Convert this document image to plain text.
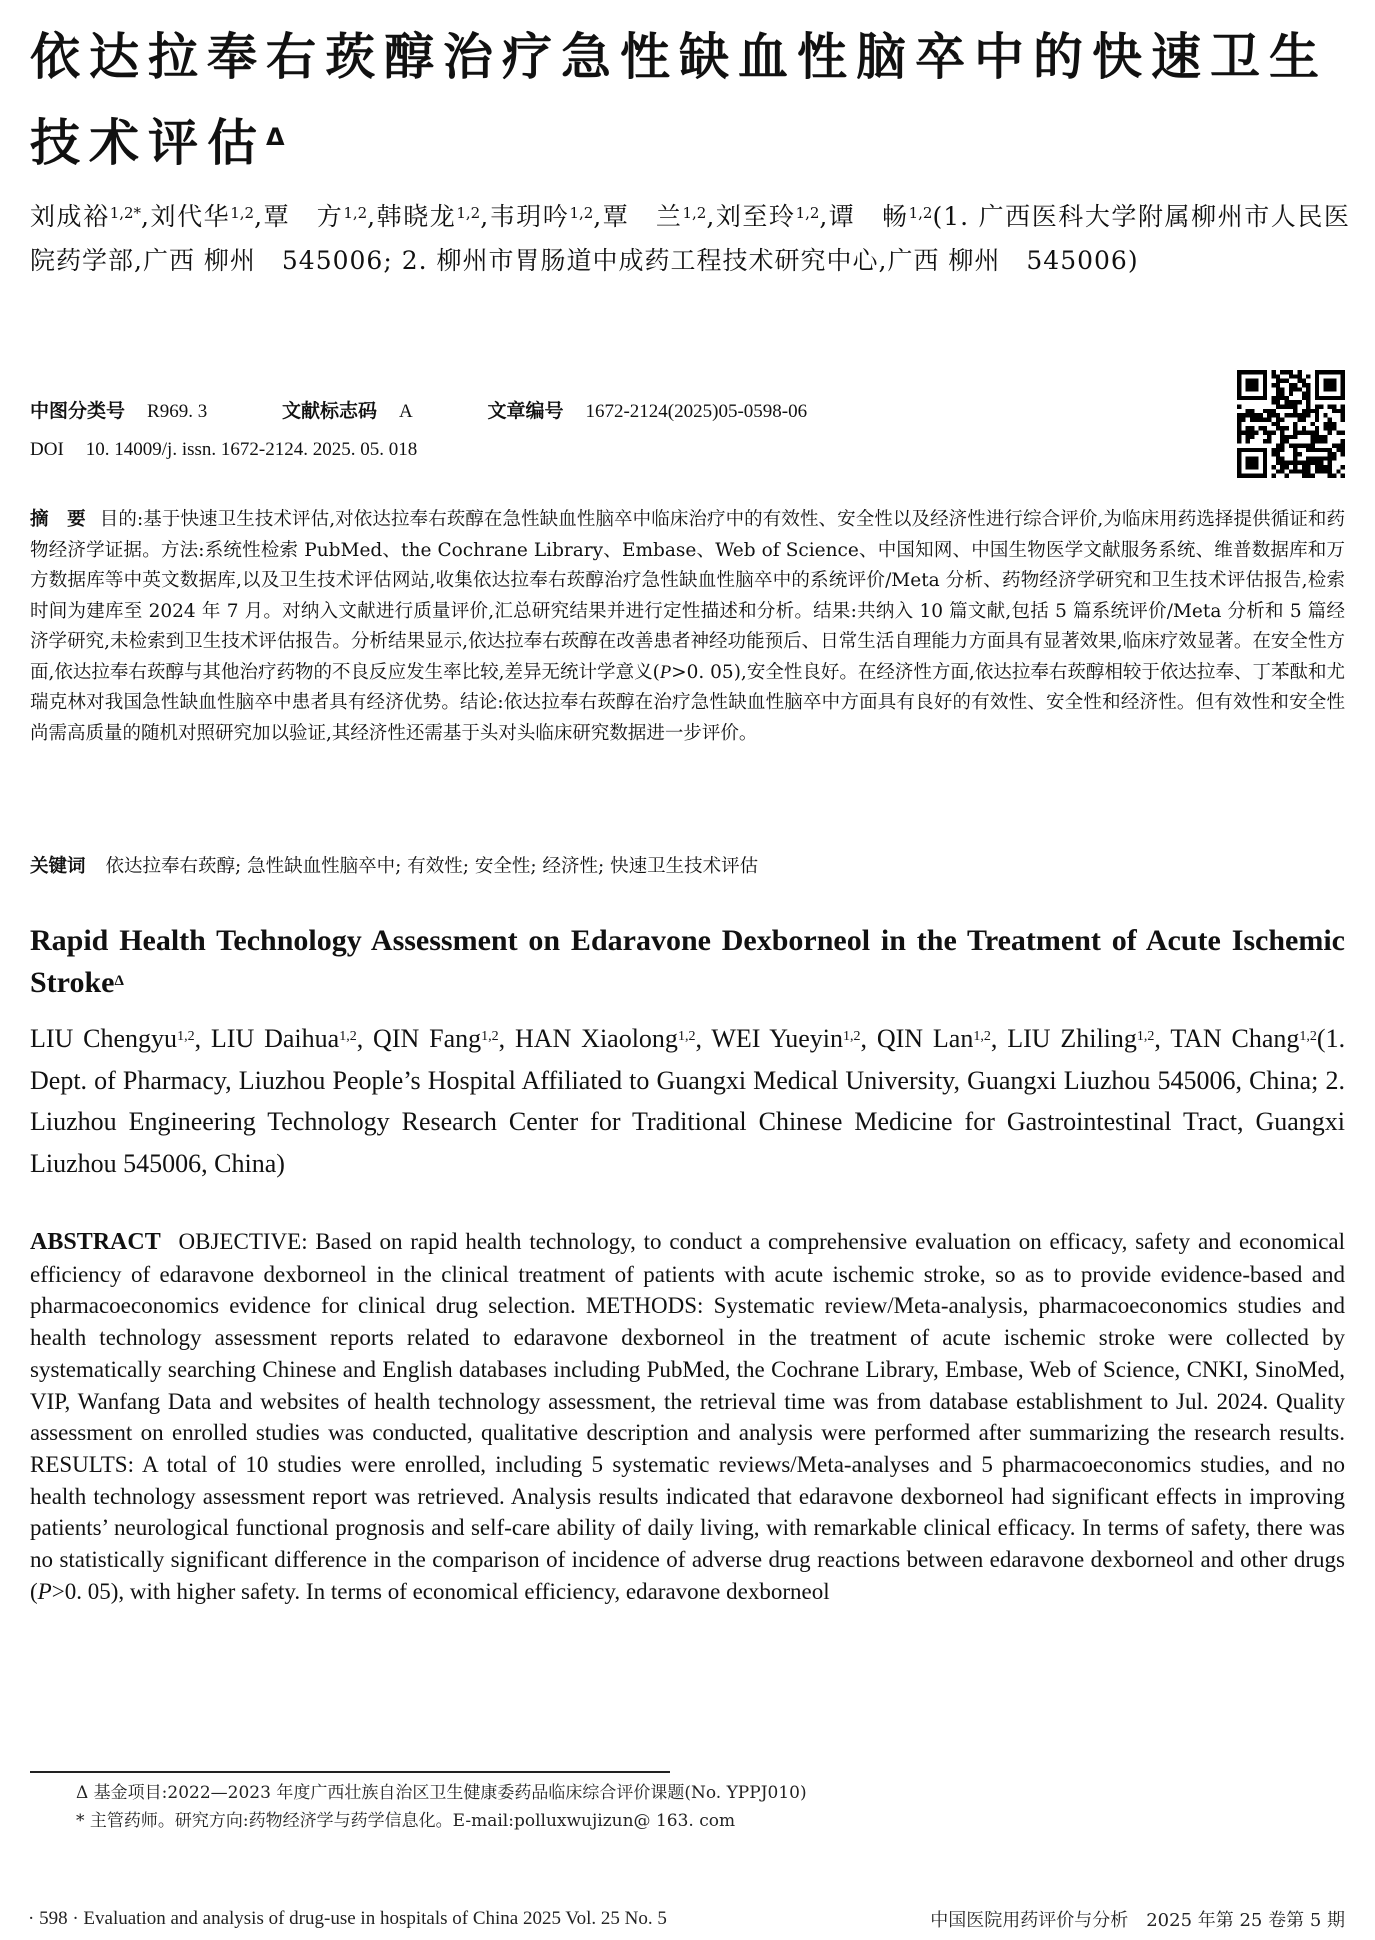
依达拉奉右莰醇治疗急性缺血性脑卒中的快速卫生技术评估$^\Delta$
刘成裕$^{1,2*}$,刘代华$^{1,2}$,覃　方$^{1,2}$,韩晓龙$^{1,2}$,韦玥吟$^{1,2}$,覃　兰$^{1,2}$,刘至玲$^{1,2}$,谭　畅$^{1,2}$(1. 广西医科大学附属柳州市人民医院药学部,广西 柳州　545006; 2. 柳州市胃肠道中成药工程技术研究中心,广西 柳州　545006)
中图分类号 R969. 3	文献标志码 A	文章编号 1672-2124(2025)05-0598-06
DOI 10. 14009/j. issn. 1672-2124. 2025. 05. 018
摘　要 目的:基于快速卫生技术评估,对依达拉奉右莰醇在急性缺血性脑卒中临床治疗中的有效性、安全性以及经济性进行综合评价,为临床用药选择提供循证和药物经济学证据。方法:系统性检索 PubMed、the Cochrane Library、Embase、Web of Science、中国知网、中国生物医学文献服务系统、维普数据库和万方数据库等中英文数据库,以及卫生技术评估网站,收集依达拉奉右莰醇治疗急性缺血性脑卒中的系统评价/Meta 分析、药物经济学研究和卫生技术评估报告,检索时间为建库至 2024 年 7 月。对纳入文献进行质量评价,汇总研究结果并进行定性描述和分析。结果:共纳入 10 篇文献,包括 5 篇系统评价/Meta 分析和 5 篇经济学研究,未检索到卫生技术评估报告。分析结果显示,依达拉奉右莰醇在改善患者神经功能预后、日常生活自理能力方面具有显著效果,临床疗效显著。在安全性方面,依达拉奉右莰醇与其他治疗药物的不良反应发生率比较,差异无统计学意义(P>0. 05),安全性良好。在经济性方面,依达拉奉右莰醇相较于依达拉奉、丁苯酞和尤瑞克林对我国急性缺血性脑卒中患者具有经济优势。结论:依达拉奉右莰醇在治疗急性缺血性脑卒中方面具有良好的有效性、安全性和经济性。但有效性和安全性尚需高质量的随机对照研究加以验证,其经济性还需基于头对头临床研究数据进一步评价。
关键词 依达拉奉右莰醇; 急性缺血性脑卒中; 有效性; 安全性; 经济性; 快速卫生技术评估
Rapid Health Technology Assessment on Edaravone Dexborneol in the Treatment of Acute Ischemic Stroke$^\Delta$
LIU Chengyu$^{1,2}$, LIU Daihua$^{1,2}$, QIN Fang$^{1,2}$, HAN Xiaolong$^{1,2}$, WEI Yueyin$^{1,2}$, QIN Lan$^{1,2}$, LIU Zhiling$^{1,2}$, TAN Chang$^{1,2}$(1. Dept. of Pharmacy, Liuzhou People’s Hospital Affiliated to Guangxi Medical University, Guangxi Liuzhou 545006, China; 2. Liuzhou Engineering Technology Research Center for Traditional Chinese Medicine for Gastrointestinal Tract, Guangxi Liuzhou 545006, China)
ABSTRACT OBJECTIVE: Based on rapid health technology, to conduct a comprehensive evaluation on efficacy, safety and economical efficiency of edaravone dexborneol in the clinical treatment of patients with acute ischemic stroke, so as to provide evidence-based and pharmacoeconomics evidence for clinical drug selection. METHODS: Systematic review/Meta-analysis, pharmacoeconomics studies and health technology assessment reports related to edaravone dexborneol in the treatment of acute ischemic stroke were collected by systematically searching Chinese and English databases including PubMed, the Cochrane Library, Embase, Web of Science, CNKI, SinoMed, VIP, Wanfang Data and websites of health technology assessment, the retrieval time was from database establishment to Jul. 2024. Quality assessment on enrolled studies was conducted, qualitative description and analysis were performed after summarizing the research results. RESULTS: A total of 10 studies were enrolled, including 5 systematic reviews/Meta-analyses and 5 pharmacoeconomics studies, and no health technology assessment report was retrieved. Analysis results indicated that edaravone dexborneol had significant effects in improving patients’ neurological functional prognosis and self-care ability of daily living, with remarkable clinical efficacy. In terms of safety, there was no statistically significant difference in the comparison of incidence of adverse drug reactions between edaravone dexborneol and other drugs (P>0. 05), with higher safety. In terms of economical efficiency, edaravone dexborneol
Δ 基金项目:2022—2023 年度广西壮族自治区卫生健康委药品临床综合评价课题(No. YPPJ010)
* 主管药师。研究方向:药物经济学与药学信息化。E-mail:polluxwujizun@ 163. com
· 598 · Evaluation and analysis of drug-use in hospitals of China 2025 Vol. 25 No. 5	中国医院用药评价与分析　2025 年第 25 卷第 5 期
